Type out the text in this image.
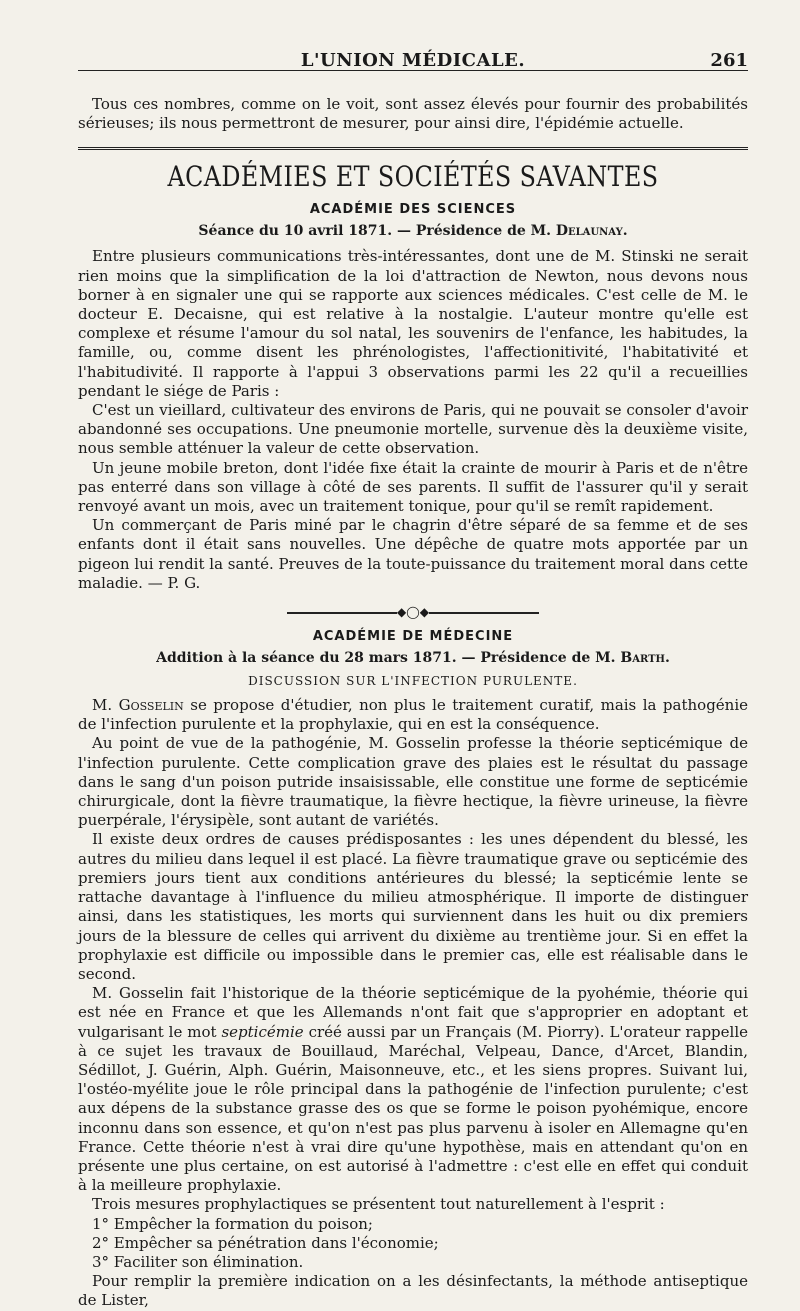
L'UNION MÉDICALE.	261

Tous ces nombres, comme on le voit, sont assez élevés pour fournir des probabilités sérieuses; ils nous permettront de mesurer, pour ainsi dire, l'épidémie actuelle.

ACADÉMIES ET SOCIÉTÉS SAVANTES
ACADÉMIE DES SCIENCES
Séance du 10 avril 1871. — Présidence de M. Delaunay.

Entre plusieurs communications très-intéressantes, dont une de M. Stinski ne serait rien moins que la simplification de la loi d'attraction de Newton, nous devons nous borner à en signaler une qui se rapporte aux sciences médicales. C'est celle de M. le docteur E. Decaisne, qui est relative à la nostalgie. L'auteur montre qu'elle est complexe et résume l'amour du sol natal, les souvenirs de l'enfance, les habitudes, la famille, ou, comme disent les phrénologistes, l'affectionitivité, l'habitativité et l'habitudivité. Il rapporte à l'appui 3 observations parmi les 22 qu'il a recueillies pendant le siége de Paris :

C'est un vieillard, cultivateur des environs de Paris, qui ne pouvait se consoler d'avoir abandonné ses occupations. Une pneumonie mortelle, survenue dès la deuxième visite, nous semble atténuer la valeur de cette observation.

Un jeune mobile breton, dont l'idée fixe était la crainte de mourir à Paris et de n'être pas enterré dans son village à côté de ses parents. Il suffit de l'assurer qu'il y serait renvoyé avant un mois, avec un traitement tonique, pour qu'il se remît rapidement.

Un commerçant de Paris miné par le chagrin d'être séparé de sa femme et de ses enfants dont il était sans nouvelles. Une dépêche de quatre mots apportée par un pigeon lui rendit la santé. Preuves de la toute-puissance du traitement moral dans cette maladie. — P. G.

◆◯◆
ACADÉMIE DE MÉDECINE
Addition à la séance du 28 mars 1871. — Présidence de M. Barth.
DISCUSSION SUR L'INFECTION PURULENTE.

M. Gosselin se propose d'étudier, non plus le traitement curatif, mais la pathogénie de l'infection purulente et la prophylaxie, qui en est la conséquence.

Au point de vue de la pathogénie, M. Gosselin professe la théorie septicémique de l'infection purulente. Cette complication grave des plaies est le résultat du passage dans le sang d'un poison putride insaisissable, elle constitue une forme de septicémie chirurgicale, dont la fièvre traumatique, la fièvre hectique, la fièvre urineuse, la fièvre puerpérale, l'érysipèle, sont autant de variétés.

Il existe deux ordres de causes prédisposantes : les unes dépendent du blessé, les autres du milieu dans lequel il est placé. La fièvre traumatique grave ou septicémie des premiers jours tient aux conditions antérieures du blessé; la septicémie lente se rattache davantage à l'influence du milieu atmosphérique. Il importe de distinguer ainsi, dans les statistiques, les morts qui surviennent dans les huit ou dix premiers jours de la blessure de celles qui arrivent du dixième au trentième jour. Si en effet la prophylaxie est difficile ou impossible dans le premier cas, elle est réalisable dans le second.

M. Gosselin fait l'historique de la théorie septicémique de la pyohémie, théorie qui est née en France et que les Allemands n'ont fait que s'approprier en adoptant et vulgarisant le mot septicémie créé aussi par un Français (M. Piorry). L'orateur rappelle à ce sujet les travaux de Bouillaud, Maréchal, Velpeau, Dance, d'Arcet, Blandin, Sédillot, J. Guérin, Alph. Guérin, Maisonneuve, etc., et les siens propres. Suivant lui, l'ostéo-myélite joue le rôle principal dans la pathogénie de l'infection purulente; c'est aux dépens de la substance grasse des os que se forme le poison pyohémique, encore inconnu dans son essence, et qu'on n'est pas plus parvenu à isoler en Allemagne qu'en France. Cette théorie n'est à vrai dire qu'une hypothèse, mais en attendant qu'on en présente une plus certaine, on est autorisé à l'admettre : c'est elle en effet qui conduit à la meilleure prophylaxie.

Trois mesures prophylactiques se présentent tout naturellement à l'esprit :

1° Empêcher la formation du poison;

2° Empêcher sa pénétration dans l'économie;

3° Faciliter son élimination.

Pour remplir la première indication on a les désinfectants, la méthode antiseptique de Lister,
